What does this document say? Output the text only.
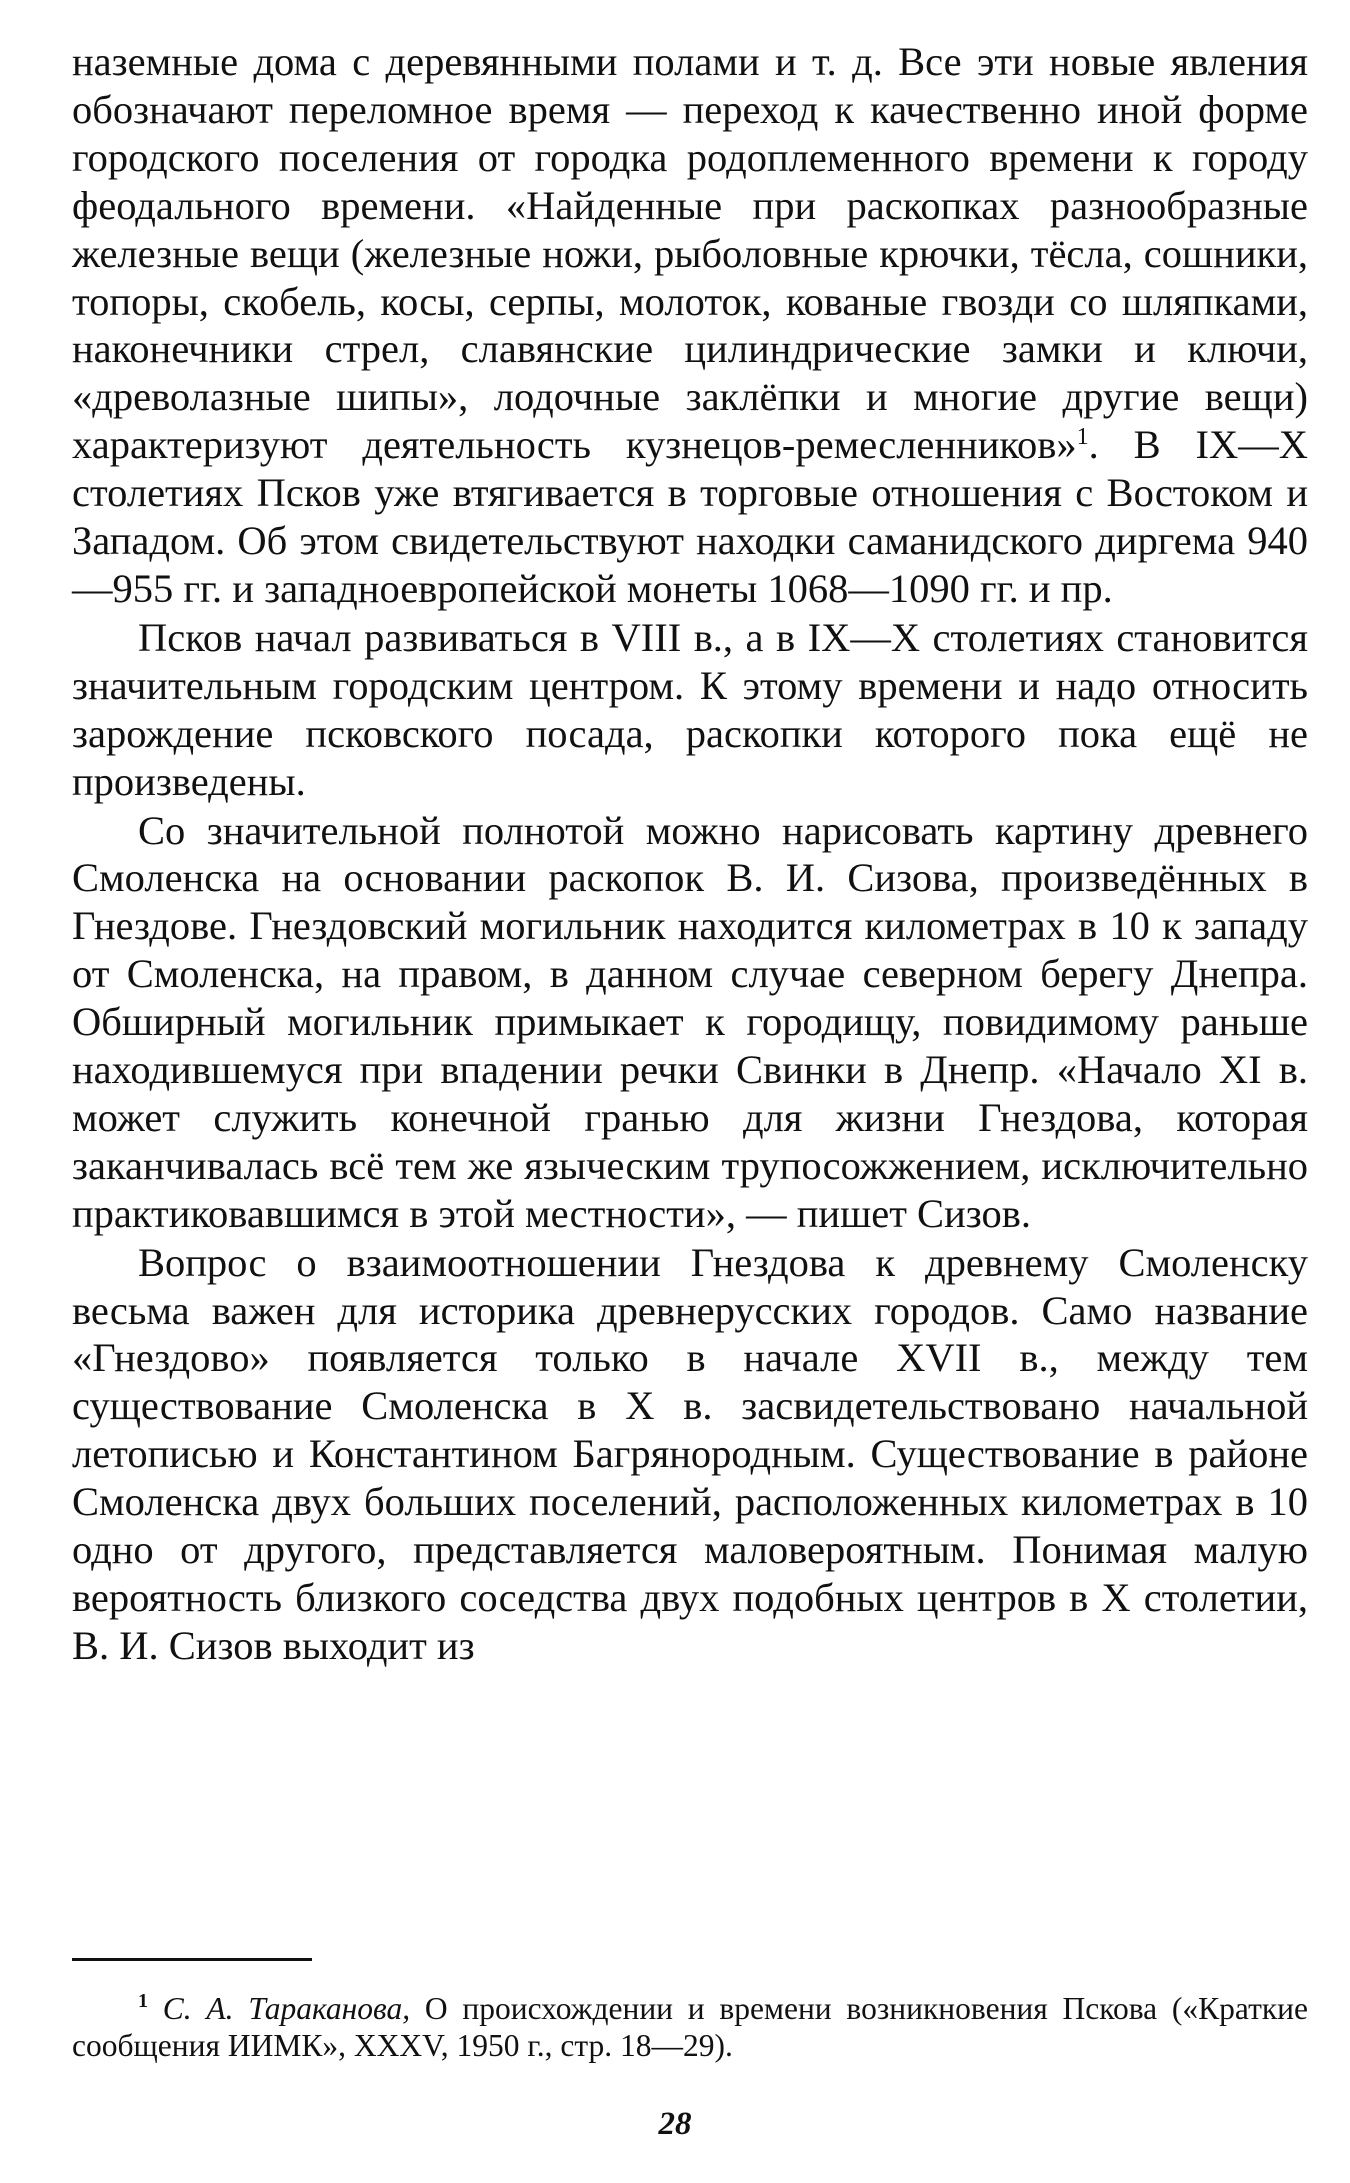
наземные дома с деревянными полами и т. д. Все эти новые явления обозначают переломное время — переход к качественно иной форме городского поселения от городка родоплеменного времени к городу феодального времени. «Найденные при раскопках разнообразные железные вещи (железные ножи, рыболовные крючки, тёсла, сошники, топоры, скобель, косы, серпы, молоток, кованые гвозди со шляпками, наконечники стрел, славянские цилиндрические замки и ключи, «древолазные шипы», лодочные заклёпки и многие другие вещи) характеризуют деятельность кузнецов-ремесленников»$^1$. В IX—X столетиях Псков уже втягивается в торговые отношения с Востоком и Западом. Об этом свидетельствуют находки саманидского диргема 940—955 гг. и западноевропейской монеты 1068—1090 гг. и пр.

Псков начал развиваться в VIII в., а в IX—X столетиях становится значительным городским центром. К этому времени и надо относить зарождение псковского посада, раскопки которого пока ещё не произведены.

Со значительной полнотой можно нарисовать картину древнего Смоленска на основании раскопок В. И. Сизова, произведённых в Гнездове. Гнездовский могильник находится километрах в 10 к западу от Смоленска, на правом, в данном случае северном берегу Днепра. Обширный могильник примыкает к городищу, повидимому раньше находившемуся при впадении речки Свинки в Днепр. «Начало XI в. может служить конечной гранью для жизни Гнездова, которая заканчивалась всё тем же языческим трупосожжением, исключительно практиковавшимся в этой местности», — пишет Сизов.

Вопрос о взаимоотношении Гнездова к древнему Смоленску весьма важен для историка древнерусских городов. Само название «Гнездово» появляется только в начале XVII в., между тем существование Смоленска в X в. засвидетельствовано начальной летописью и Константином Багрянородным. Существование в районе Смоленска двух больших поселений, расположенных километрах в 10 одно от другого, представляется маловероятным. Понимая малую вероятность близкого соседства двух подобных центров в X столетии, В. И. Сизов выходит из

$^1$ С. А. Тараканова, О происхождении и времени возникновения Пскова («Краткие сообщения ИИМК», XXXV, 1950 г., стр. 18—29).

28
